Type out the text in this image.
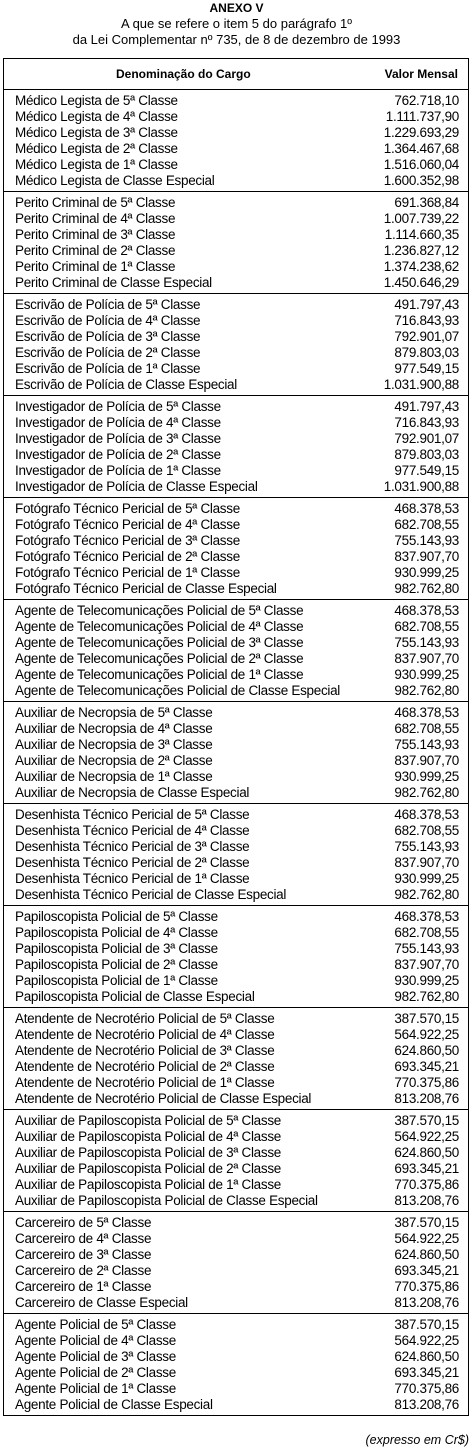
ANEXO V
A que se refere o item 5 do parágrafo 1º
da Lei Complementar nº 735, de 8 de dezembro de 1993
Denominação do Cargo	Valor Mensal
Médico Legista de 5ª Classe	762.718,10
Médico Legista de 4ª Classe	1.111.737,90
Médico Legista de 3ª Classe	1.229.693,29
Médico Legista de 2ª Classe	1.364.467,68
Médico Legista de 1ª Classe	1.516.060,04
Médico Legista de Classe Especial	1.600.352,98
Perito Criminal de 5ª Classe	691.368,84
Perito Criminal de 4ª Classe	1.007.739,22
Perito Criminal de 3ª Classe	1.114.660,35
Perito Criminal de 2ª Classe	1.236.827,12
Perito Criminal de 1ª Classe	1.374.238,62
Perito Criminal de Classe Especial	1.450.646,29
Escrivão de Polícia de 5ª Classe	491.797,43
Escrivão de Polícia de 4ª Classe	716.843,93
Escrivão de Polícia de 3ª Classe	792.901,07
Escrivão de Polícia de 2ª Classe	879.803,03
Escrivão de Polícia de 1ª Classe	977.549,15
Escrivão de Polícia de Classe Especial	1.031.900,88
Investigador de Polícia de 5ª Classe	491.797,43
Investigador de Polícia de 4ª Classe	716.843,93
Investigador de Polícia de 3ª Classe	792.901,07
Investigador de Polícia de 2ª Classe	879.803,03
Investigador de Polícia de 1ª Classe	977.549,15
Investigador de Polícia de Classe Especial	1.031.900,88
Fotógrafo Técnico Pericial de 5ª Classe	468.378,53
Fotógrafo Técnico Pericial de 4ª Classe	682.708,55
Fotógrafo Técnico Pericial de 3ª Classe	755.143,93
Fotógrafo Técnico Pericial de 2ª Classe	837.907,70
Fotógrafo Técnico Pericial de 1ª Classe	930.999,25
Fotógrafo Técnico Pericial de Classe Especial	982.762,80
Agente de Telecomunicações Policial de 5ª Classe	468.378,53
Agente de Telecomunicações Policial de 4ª Classe	682.708,55
Agente de Telecomunicações Policial de 3ª Classe	755.143,93
Agente de Telecomunicações Policial de 2ª Classe	837.907,70
Agente de Telecomunicações Policial de 1ª Classe	930.999,25
Agente de Telecomunicações Policial de Classe Especial	982.762,80
Auxiliar de Necropsia de 5ª Classe	468.378,53
Auxiliar de Necropsia de 4ª Classe	682.708,55
Auxiliar de Necropsia de 3ª Classe	755.143,93
Auxiliar de Necropsia de 2ª Classe	837.907,70
Auxiliar de Necropsia de 1ª Classe	930.999,25
Auxiliar de Necropsia de Classe Especial	982.762,80
Desenhista Técnico Pericial de 5ª Classe	468.378,53
Desenhista Técnico Pericial de 4ª Classe	682.708,55
Desenhista Técnico Pericial de 3ª Classe	755.143,93
Desenhista Técnico Pericial de 2ª Classe	837.907,70
Desenhista Técnico Pericial de 1ª Classe	930.999,25
Desenhista Técnico Pericial de Classe Especial	982.762,80
Papiloscopista Policial de 5ª Classe	468.378,53
Papiloscopista Policial de 4ª Classe	682.708,55
Papiloscopista Policial de 3ª Classe	755.143,93
Papiloscopista Policial de 2ª Classe	837.907,70
Papiloscopista Policial de 1ª Classe	930.999,25
Papiloscopista Policial de Classe Especial	982.762,80
Atendente de Necrotério Policial de 5ª Classe	387.570,15
Atendente de Necrotério Policial de 4ª Classe	564.922,25
Atendente de Necrotério Policial de 3ª Classe	624.860,50
Atendente de Necrotério Policial de 2ª Classe	693.345,21
Atendente de Necrotério Policial de 1ª Classe	770.375,86
Atendente de Necrotério Policial de Classe Especial	813.208,76
Auxiliar de Papiloscopista Policial de 5ª Classe	387.570,15
Auxiliar de Papiloscopista Policial de 4ª Classe	564.922,25
Auxiliar de Papiloscopista Policial de 3ª Classe	624.860,50
Auxiliar de Papiloscopista Policial de 2ª Classe	693.345,21
Auxiliar de Papiloscopista Policial de 1ª Classe	770.375,86
Auxiliar de Papiloscopista Policial de Classe Especial	813.208,76
Carcereiro de 5ª Classe	387.570,15
Carcereiro de 4ª Classe	564.922,25
Carcereiro de 3ª Classe	624.860,50
Carcereiro de 2ª Classe	693.345,21
Carcereiro de 1ª Classe	770.375,86
Carcereiro de Classe Especial	813.208,76
Agente Policial de 5ª Classe	387.570,15
Agente Policial de 4ª Classe	564.922,25
Agente Policial de 3ª Classe	624.860,50
Agente Policial de 2ª Classe	693.345,21
Agente Policial de 1ª Classe	770.375,86
Agente Policial de Classe Especial	813.208,76
(expresso em Cr$)
